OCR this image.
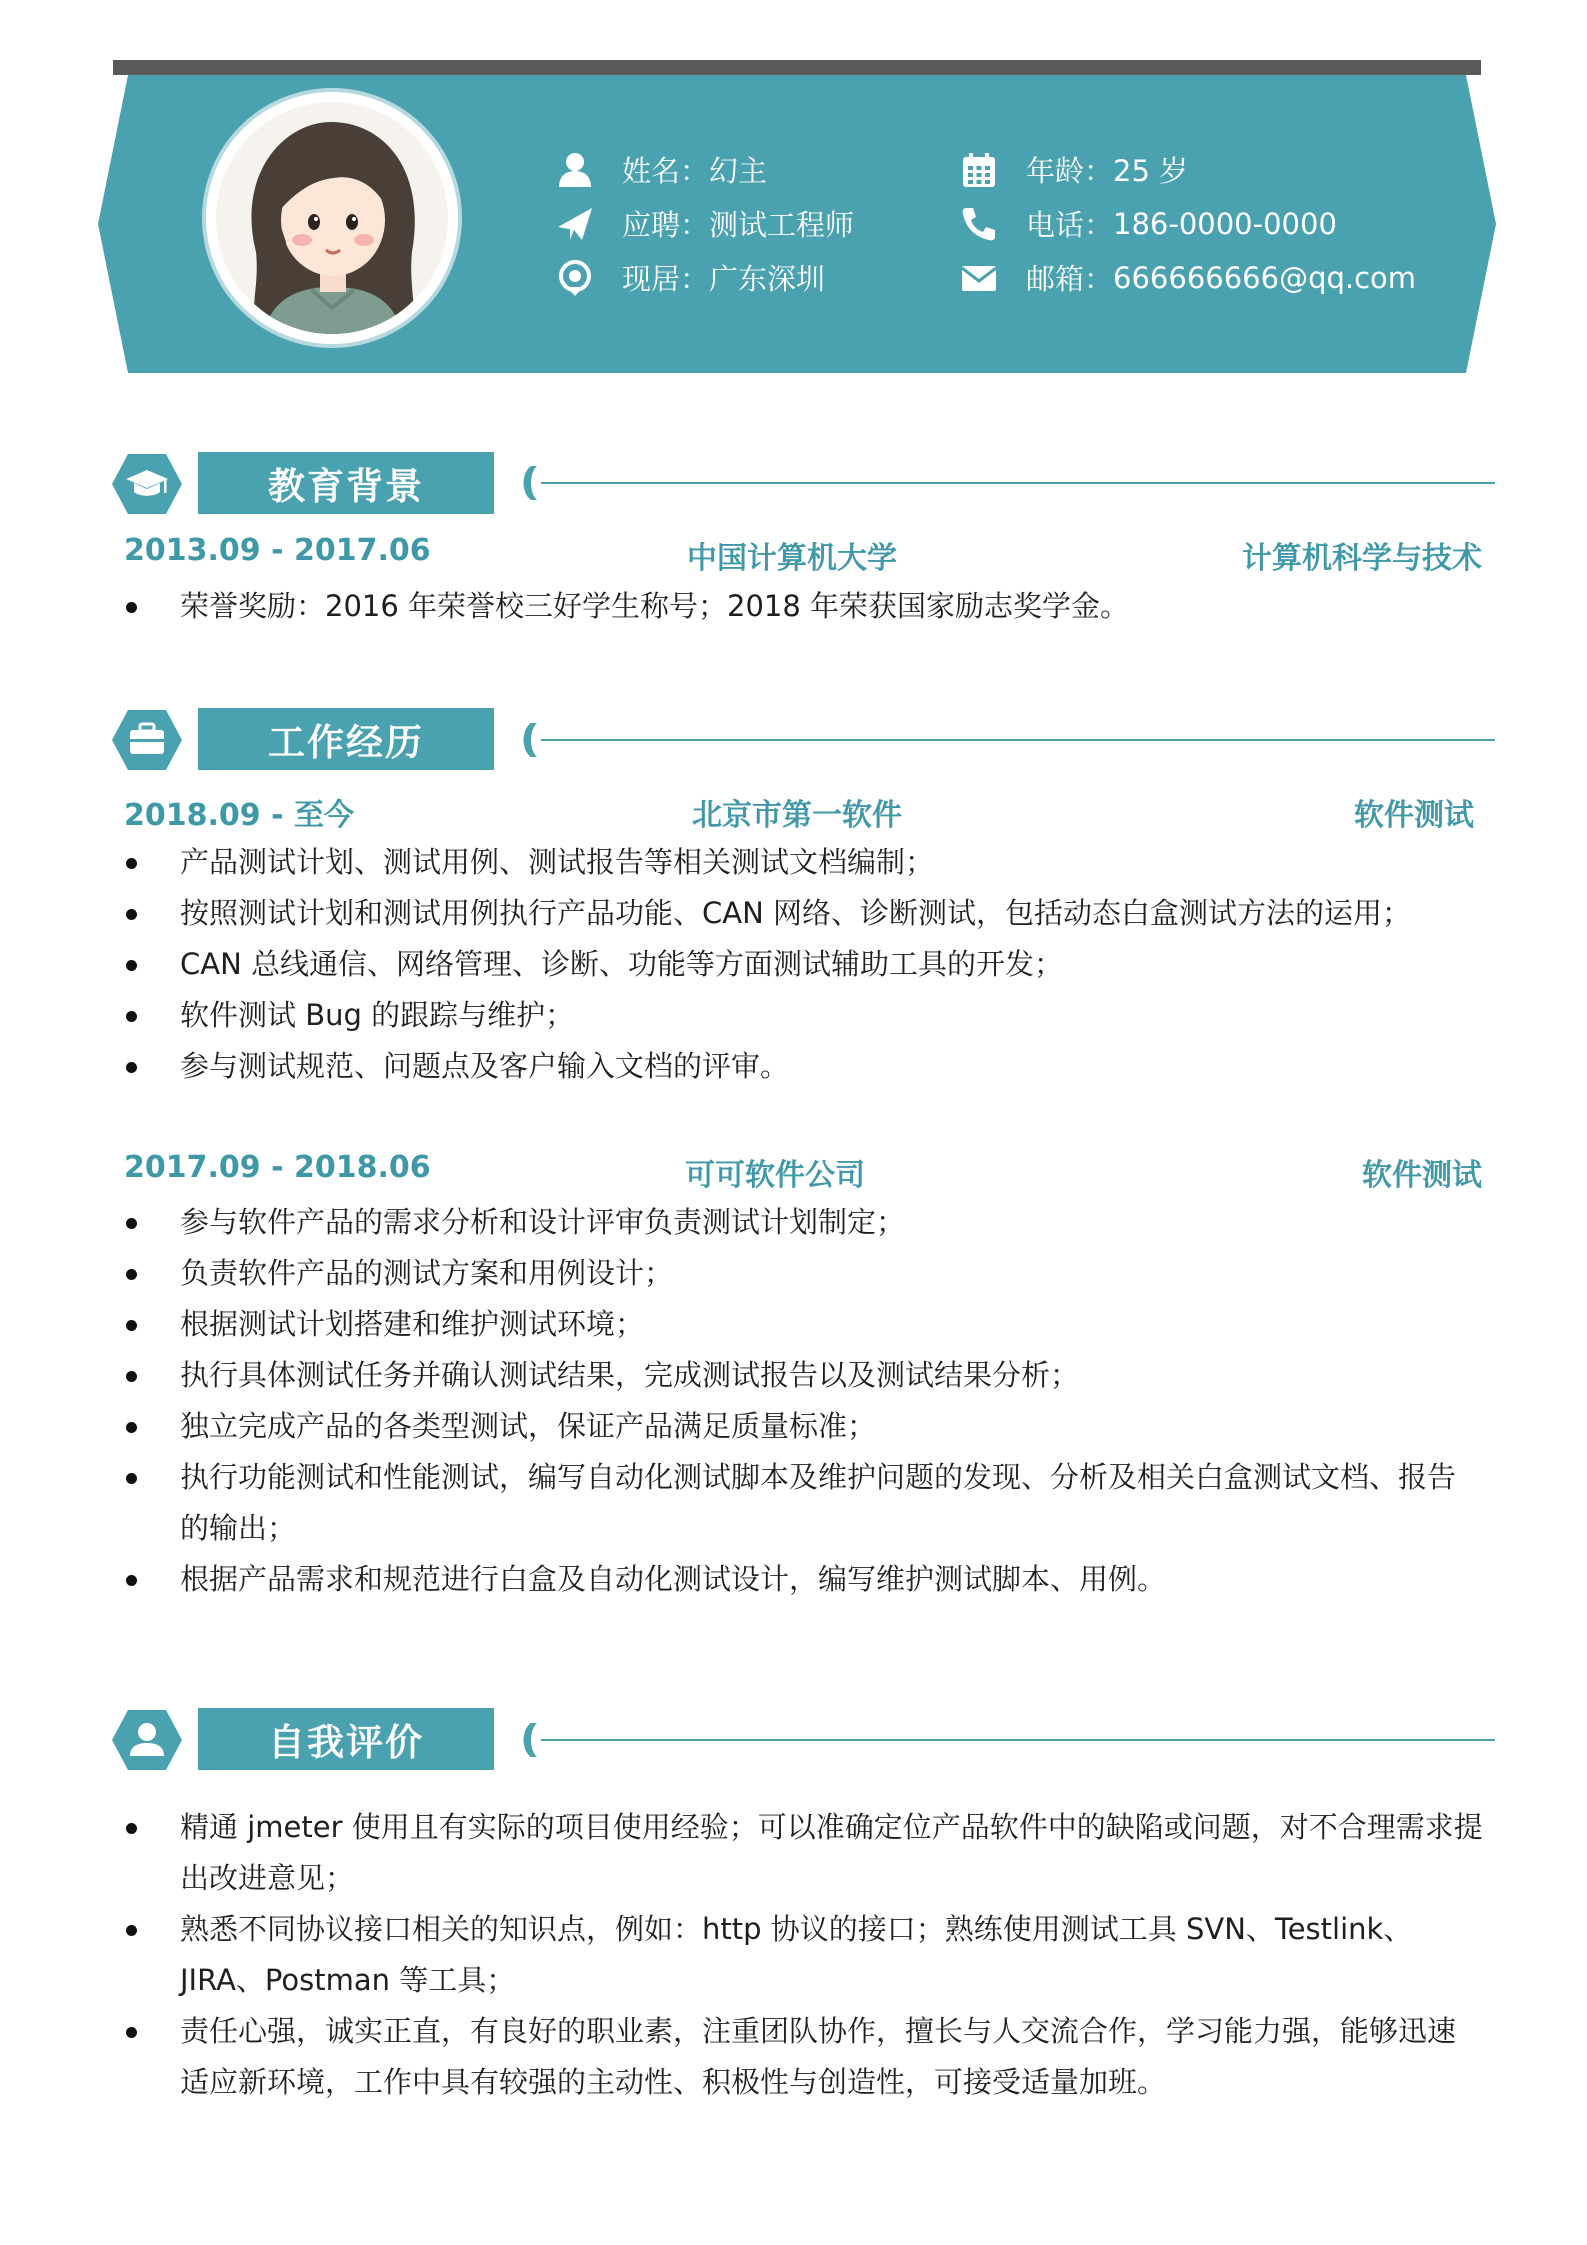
姓名： 幻主
应聘： 测试工程师
现居： 广东深圳
年龄： 25 岁
电话： 186-0000-0000
邮箱： 666666666@qq.com
教育背景
2013.09 - 2017.06	中国计算机大学	计算机科学与技术
荣誉奖励：2016 年荣誉校三好学生称号；2018 年荣获国家励志奖学金。
工作经历
2018.09 - 至今	北京市第一软件	软件测试
产品测试计划、测试用例、测试报告等相关测试文档编制；
按照测试计划和测试用例执行产品功能、CAN 网络、诊断测试，包括动态白盒测试方法的运用；
CAN 总线通信、网络管理、诊断、功能等方面测试辅助工具的开发；
软件测试 Bug 的跟踪与维护；
参与测试规范、问题点及客户输入文档的评审。
2017.09 - 2018.06	可可软件公司	软件测试
参与软件产品的需求分析和设计评审负责测试计划制定；
负责软件产品的测试方案和用例设计；
根据测试计划搭建和维护测试环境；
执行具体测试任务并确认测试结果，完成测试报告以及测试结果分析；
独立完成产品的各类型测试，保证产品满足质量标准；
执行功能测试和性能测试，编写自动化测试脚本及维护问题的发现、分析及相关白盒测试文档、报告的输出；
根据产品需求和规范进行白盒及自动化测试设计，编写维护测试脚本、用例。
自我评价
精通 jmeter 使用且有实际的项目使用经验；可以准确定位产品软件中的缺陷或问题，对不合理需求提出改进意见；
熟悉不同协议接口相关的知识点，例如：http 协议的接口；熟练使用测试工具 SVN、Testlink、JIRA、Postman 等工具；
责任心强，诚实正直，有良好的职业素，注重团队协作，擅长与人交流合作，学习能力强，能够迅速适应新环境，工作中具有较强的主动性、积极性与创造性，可接受适量加班。
